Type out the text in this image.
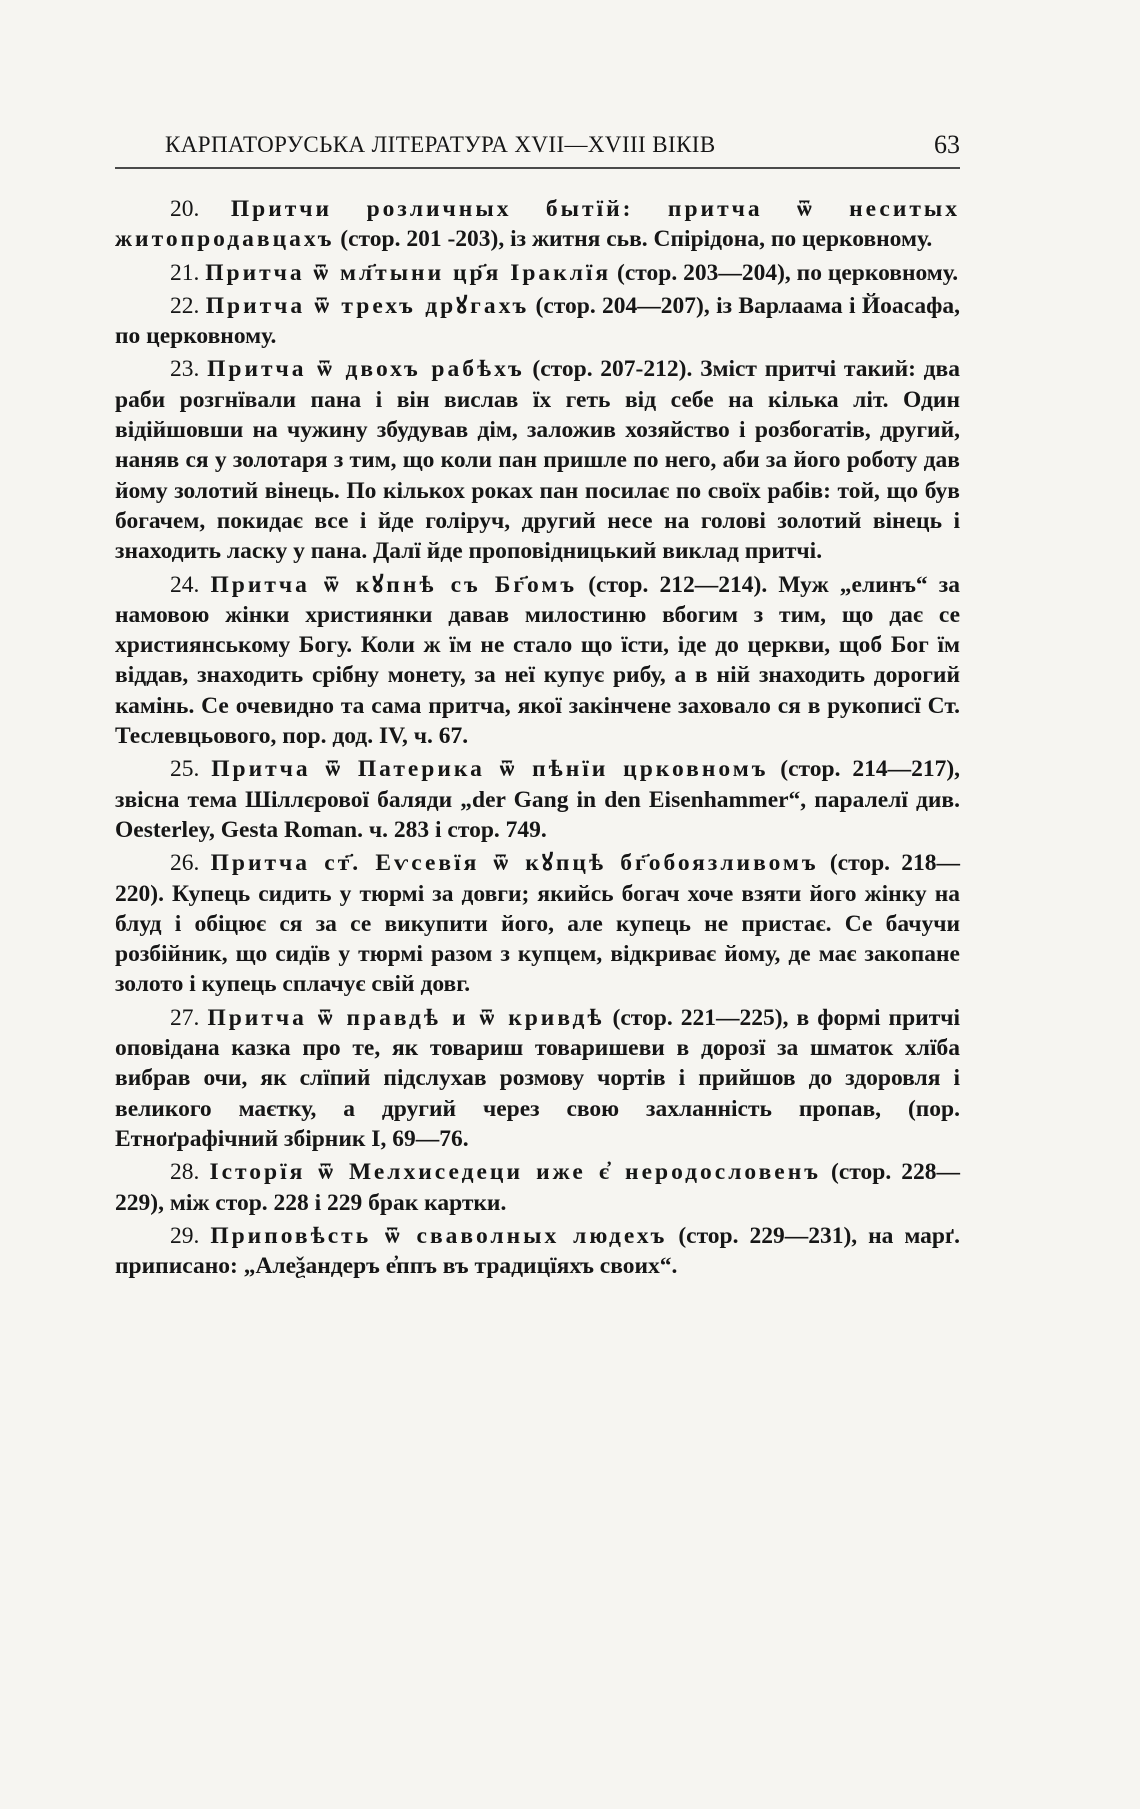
КАРПАТОРУСЬКА ЛІТЕРАТУРА XVII—XVIII ВІКІВ	63

20. Притчи розличных бытїй: притча ѿ неситых житопродавцахъ (стор. 201 -203), із житня сьв. Спірідона, по церковному.

21. Притча ѿ мл҃тыни цр҃я Іраклїя (стор. 203—204), по церковному.

22. Притча ѿ трехъ дрꙋгахъ (стор. 204—207), із Варлаама і Йоасафа, по церковному.

23. Притча ѿ двохъ рабѣхъ (стор. 207-212). Зміст притчі такий: два раби розгнївали пана і він вислав їх геть від себе на кілька літ. Один відійшовши на чужину збудував дім, заложив хозяйство і розбогатів, другий, наняв ся у золотаря з тим, що коли пан пришле по него, аби за його роботу дав йому золотий вінець. По кількох роках пан посилає по своїх рабів: той, що був богачем, покидає все і йде голіруч, другий несе на голові золотий вінець і знаходить ласку у пана. Далї йде проповідницький виклад притчі.

24. Притча ѿ кꙋпнѣ съ Бг҃омъ (стор. 212—214). Муж „елинъ“ за намовою жінки християнки давав милостиню вбогим з тим, що дає се християнському Богу. Коли ж їм не стало що їсти, іде до церкви, щоб Бог їм віддав, знаходить срібну монету, за неї купує рибу, а в ній знаходить дорогий камінь. Се очевидно та сама притча, якої закінчене заховало ся в рукописї Ст. Теслевцьового, пор. дод. IV, ч. 67.

25. Притча ѿ Патерика ѿ пѣнїи црковномъ (стор. 214—217), звісна тема Шіллєрової баляди „der Gang in den Eisenhammer“, паралелї див. Oesterley, Gesta Roman. ч. 283 і стор. 749.

26. Притча ст҃. Еѵсевїя ѿ кꙋпцѣ бг҃обоязливомъ (стор. 218—220). Купець сидить у тюрмі за довги; якийсь богач хоче взяти його жінку на блуд і обіцює ся за се викупити його, але купець не пристає. Се бачучи розбійник, що сидїв у тюрмі разом з купцем, відкриває йому, де має закопане золото і купець сплачує свій довг.

27. Притча ѿ правдѣ и ѿ кривдѣ (стор. 221—225), в формі притчі оповідана казка про те, як товариш товаришеви в дорозї за шматок хлїба вибрав очи, як слїпий підслухав розмову чортів і прийшов до здоровля і великого маєтку, а другий через свою захланність пропав, (пор. Етноґрафічний збірник І, 69—76.

28. Історїя ѿ Мелхиседеци иже є҆ неродословенъ (стор. 228—229), між стор. 228 і 229 брак картки.

29. Приповѣсть ѿ сваволных людехъ (стор. 229—231), на марґ. приписано: „Алеѯандеръ е҆ппъ въ традицїяхъ своих“.
